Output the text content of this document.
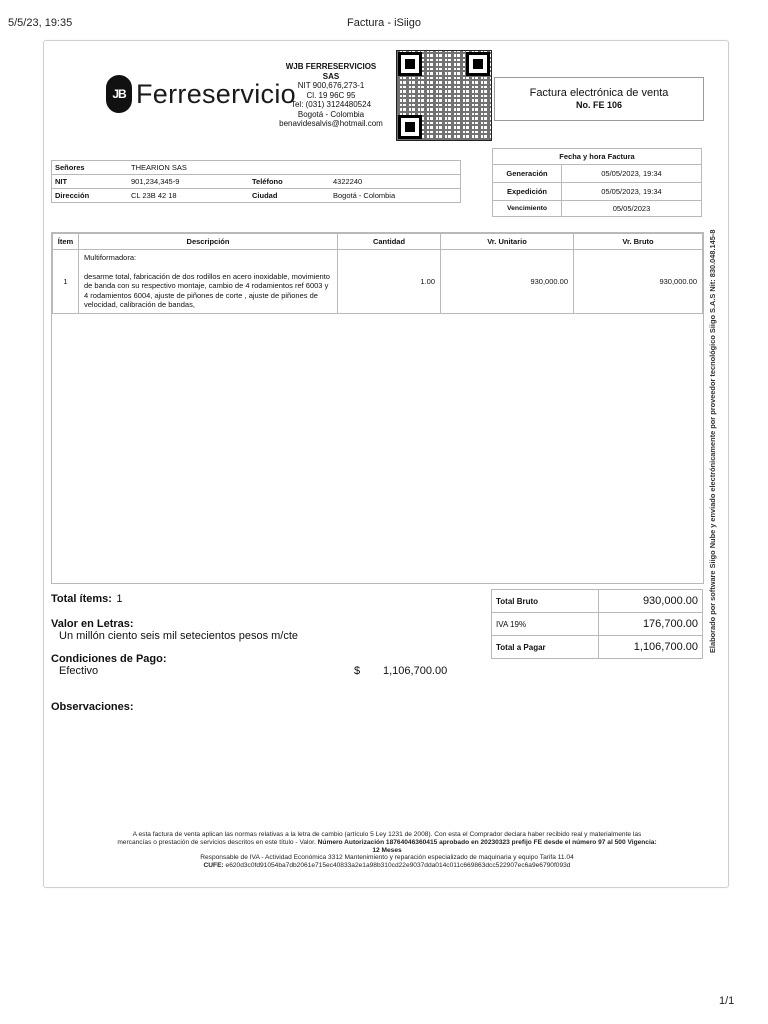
5/5/23, 19:35	Factura - iSiigo
1/1
JB Ferreservicio
WJB FERRESERVICIOS
SAS
NIT 900,676,273-1
Cl. 19 96C 95
Tel: (031) 3124480524
Bogotá - Colombia
benavidesalvis@hotmail.com
Factura electrónica de venta
No. FE 106
Señores	THEARION SAS		
NIT	901,234,345-9	Teléfono	4322240
Dirección	CL 23B 42 18	Ciudad	Bogotá - Colombia
Fecha y hora Factura	
Generación	05/05/2023, 19:34
Expedición	05/05/2023, 19:34
Vencimiento	05/05/2023
Ítem	Descripción	Cantidad	Vr. Unitario	Vr. Bruto
1	Multiformadora:
desarme total, fabricación de dos rodillos en acero inoxidable, movimiento de banda con su respectivo montaje, cambio de 4 rodamientos ref 6003 y 4 rodamientos 6004, ajuste de piñones de corte , ajuste de piñones de velocidad, calibración de bandas,	1.00	930,000.00	930,000.00
Total ítems: 1
Valor en Letras:
Un millón ciento seis mil setecientos pesos m/cte
Condiciones de Pago:
Efectivo	$ 1,106,700.00
Observaciones:
Total Bruto	930,000.00
IVA 19%	176,700.00
Total a Pagar	1,106,700.00
A esta factura de venta aplican las normas relativas a la letra de cambio (artículo 5 Ley 1231 de 2008). Con esta el Comprador declara haber recibido real y materialmente las
mercancías o prestación de servicios descritos en este título - Valor. Número Autorización 18764046360415 aprobado en 20230323 prefijo FE desde el número 97 al 500 Vigencia:
12 Meses
Responsable de IVA - Actividad Económica 3312 Mantenimiento y reparación especializado de maquinaria y equipo Tarifa 11.04
CUFE: e620d3c0fd91054ba7db2061e715ec40833a2e1a98b310cd22e9037dda014c011c669863dcc522907ec6a9e6790f093d
Elaborado por software Siigo Nube y enviado electrónicamente por proveedor tecnológico Siigo S.A.S Nit: 830.048.145-8
